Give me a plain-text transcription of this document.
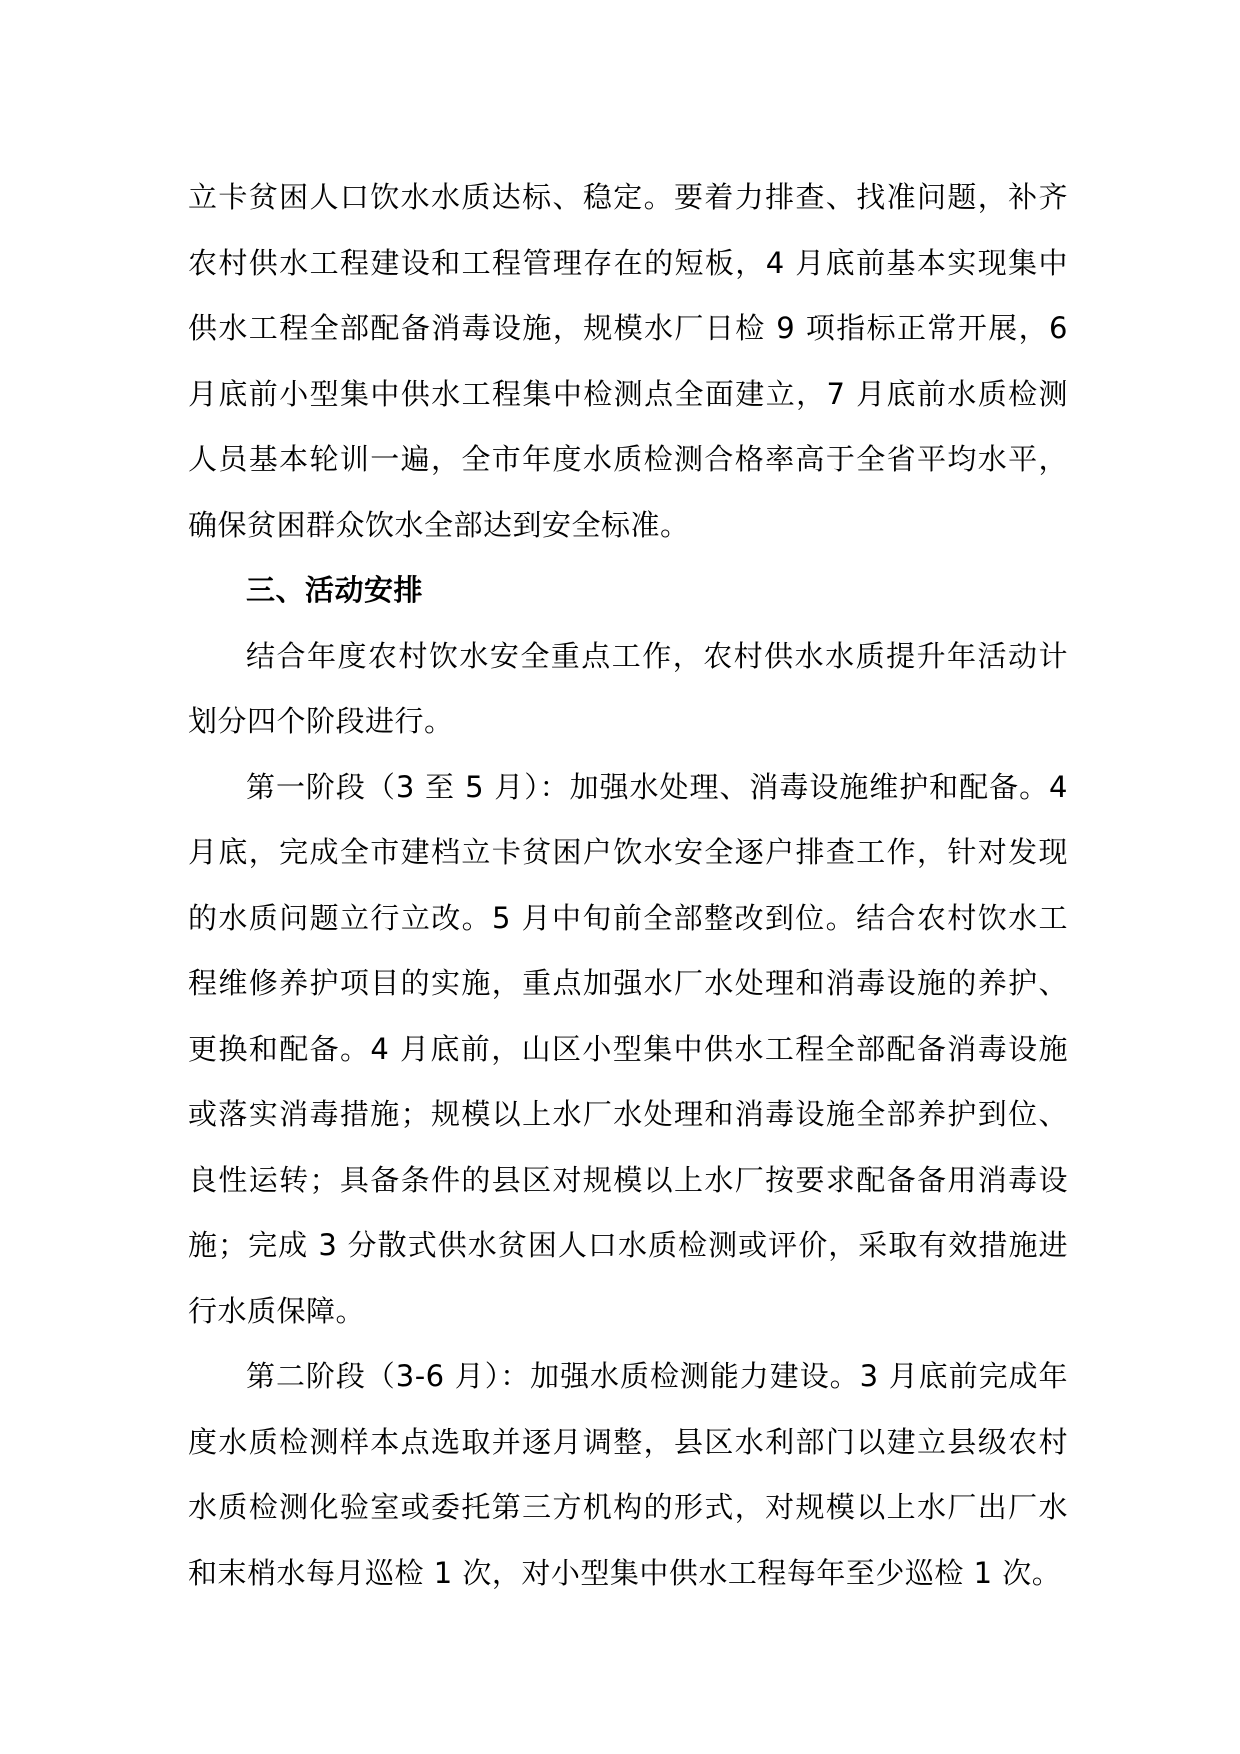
立卡贫困人口饮水水质达标、稳定。要着力排查、找准问题，补齐农村供水工程建设和工程管理存在的短板，4 月底前基本实现集中供水工程全部配备消毒设施，规模水厂日检 9 项指标正常开展，6 月底前小型集中供水工程集中检测点全面建立，7 月底前水质检测人员基本轮训一遍，全市年度水质检测合格率高于全省平均水平，确保贫困群众饮水全部达到安全标准。

三、活动安排

结合年度农村饮水安全重点工作，农村供水水质提升年活动计划分四个阶段进行。

第一阶段（3 至 5 月）：加强水处理、消毒设施维护和配备。4 月底，完成全市建档立卡贫困户饮水安全逐户排查工作，针对发现的水质问题立行立改。5 月中旬前全部整改到位。结合农村饮水工程维修养护项目的实施，重点加强水厂水处理和消毒设施的养护、更换和配备。4 月底前，山区小型集中供水工程全部配备消毒设施或落实消毒措施；规模以上水厂水处理和消毒设施全部养护到位、良性运转；具备条件的县区对规模以上水厂按要求配备备用消毒设施；完成 3 分散式供水贫困人口水质检测或评价，采取有效措施进行水质保障。

第二阶段（3-6 月）：加强水质检测能力建设。3 月底前完成年度水质检测样本点选取并逐月调整，县区水利部门以建立县级农村水质检测化验室或委托第三方机构的形式，对规模以上水厂出厂水和末梢水每月巡检 1 次，对小型集中供水工程每年至少巡检 1 次。
